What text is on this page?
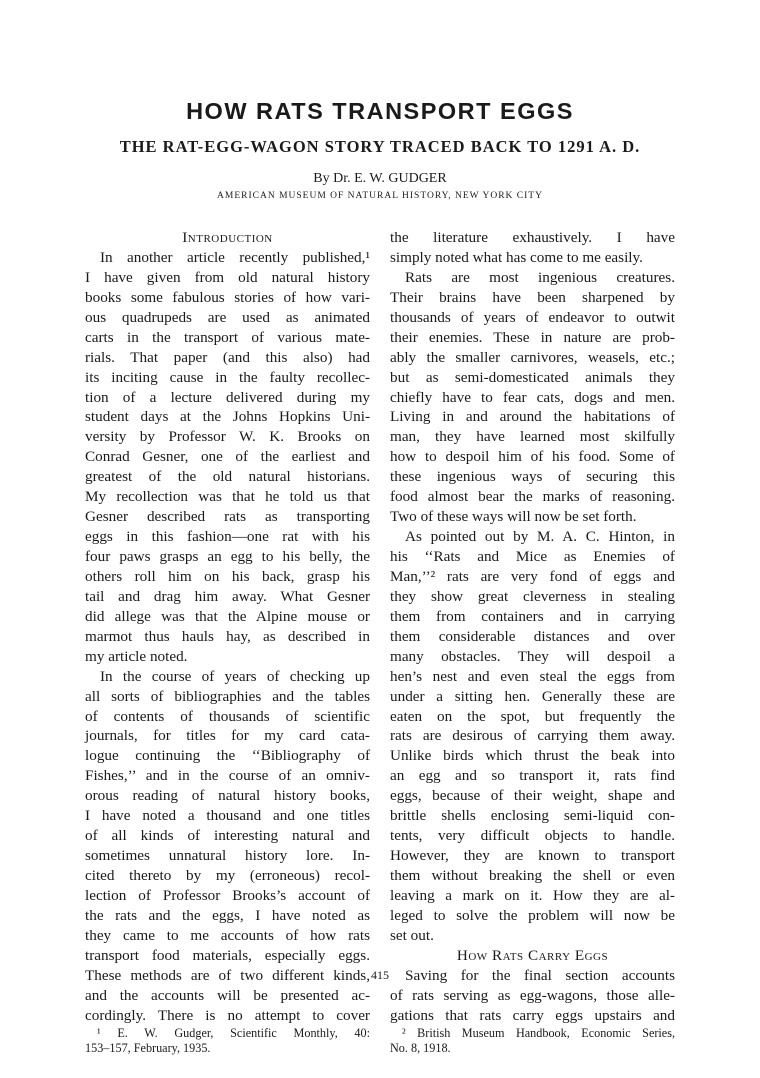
HOW RATS TRANSPORT EGGS
THE RAT-EGG-WAGON STORY TRACED BACK TO 1291 A. D.
By Dr. E. W. GUDGER
AMERICAN MUSEUM OF NATURAL HISTORY, NEW YORK CITY
Introduction
In another article recently published,¹
I have given from old natural history
books some fabulous stories of how vari-
ous quadrupeds are used as animated
carts in the transport of various mate-
rials. That paper (and this also) had
its inciting cause in the faulty recollec-
tion of a lecture delivered during my
student days at the Johns Hopkins Uni-
versity by Professor W. K. Brooks on
Conrad Gesner, one of the earliest and
greatest of the old natural historians.
My recollection was that he told us that
Gesner described rats as transporting
eggs in this fashion—one rat with his
four paws grasps an egg to his belly, the
others roll him on his back, grasp his
tail and drag him away. What Gesner
did allege was that the Alpine mouse or
marmot thus hauls hay, as described in
my article noted.
In the course of years of checking up
all sorts of bibliographies and the tables
of contents of thousands of scientific
journals, for titles for my card cata-
logue continuing the ‘‘Bibliography of
Fishes,’’ and in the course of an omniv-
orous reading of natural history books,
I have noted a thousand and one titles
of all kinds of interesting natural and
sometimes unnatural history lore. In-
cited thereto by my (erroneous) recol-
lection of Professor Brooks’s account of
the rats and the eggs, I have noted as
they came to me accounts of how rats
transport food materials, especially eggs.
These methods are of two different kinds,
and the accounts will be presented ac-
cordingly. There is no attempt to cover
¹ E. W. Gudger, Scientific Monthly, 40:
153–157, February, 1935.
the literature exhaustively. I have
simply noted what has come to me easily.
Rats are most ingenious creatures.
Their brains have been sharpened by
thousands of years of endeavor to outwit
their enemies. These in nature are prob-
ably the smaller carnivores, weasels, etc.;
but as semi-domesticated animals they
chiefly have to fear cats, dogs and men.
Living in and around the habitations of
man, they have learned most skilfully
how to despoil him of his food. Some of
these ingenious ways of securing this
food almost bear the marks of reasoning.
Two of these ways will now be set forth.
As pointed out by M. A. C. Hinton, in
his ‘‘Rats and Mice as Enemies of
Man,’’² rats are very fond of eggs and
they show great cleverness in stealing
them from containers and in carrying
them considerable distances and over
many obstacles. They will despoil a
hen’s nest and even steal the eggs from
under a sitting hen. Generally these are
eaten on the spot, but frequently the
rats are desirous of carrying them away.
Unlike birds which thrust the beak into
an egg and so transport it, rats find
eggs, because of their weight, shape and
brittle shells enclosing semi-liquid con-
tents, very difficult objects to handle.
However, they are known to transport
them without breaking the shell or even
leaving a mark on it. How they are al-
leged to solve the problem will now be
set out.
How Rats Carry Eggs
Saving for the final section accounts
of rats serving as egg-wagons, those alle-
gations that rats carry eggs upstairs and
² British Museum Handbook, Economic Series,
No. 8, 1918.
415
